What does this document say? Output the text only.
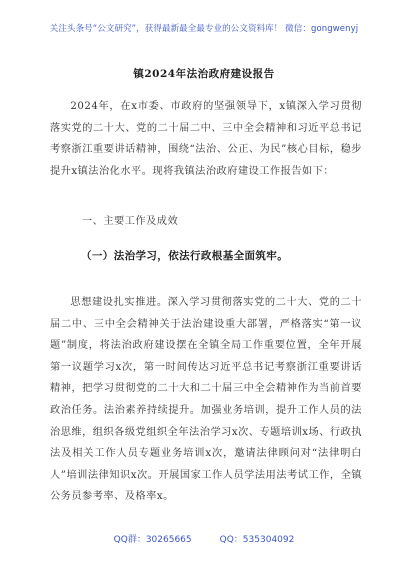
关注头条号“公文研究”，获得最新最全最专业的公文资料库！ 微信：gongwenyj
镇2024年法治政府建设报告

2024年，在x市委、市政府的坚强领导下，x镇深入学习贯彻落实党的二十大、党的二十届二中、三中全会精神和习近平总书记考察浙江重要讲话精神，围绕“法治、公正、为民”核心目标，稳步提升x镇法治化水平。现将我镇法治政府建设工作报告如下：

一、主要工作及成效
（一）法治学习，依法行政根基全面筑牢。

思想建设扎实推进。深入学习贯彻落实党的二十大、党的二十届二中、三中全会精神关于法治建设重大部署，严格落实“第一议题”制度，将法治政府建设摆在全镇全局工作重要位置，全年开展第一议题学习x次，第一时间传达习近平总书记考察浙江重要讲话精神，把学习贯彻党的二十大和二十届三中全会精神作为当前首要政治任务。法治素养持续提升。加强业务培训，提升工作人员的法治思维，组织各级党组织全年法治学习x次、专题培训x场、行政执法及相关工作人员专题业务培训x次，邀请法律顾问对“法律明白人”培训法律知识x次。开展国家工作人员学法用法考试工作，全镇公务员参考率、及格率x。

QQ群：30265665	QQ：535304092
